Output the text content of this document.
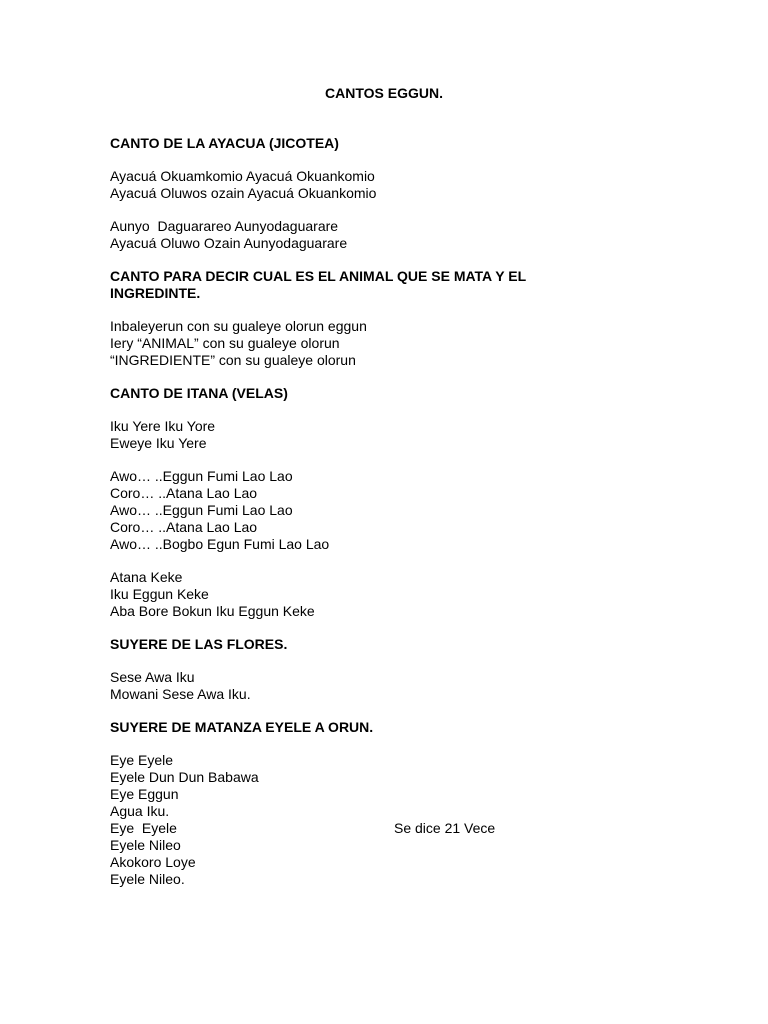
CANTOS EGGUN.
CANTO DE LA AYACUA (JICOTEA)
Ayacuá Okuamkomio Ayacuá Okuankomio
Ayacuá Oluwos ozain Ayacuá Okuankomio
Aunyo  Daguarareo Aunyodaguarare
Ayacuá Oluwo Ozain Aunyodaguarare
CANTO PARA DECIR CUAL ES EL ANIMAL QUE SE MATA Y EL
INGREDINTE.
Inbaleyerun con su gualeye olorun eggun
Iery “ANIMAL” con su gualeye olorun
“INGREDIENTE” con su gualeye olorun
CANTO DE ITANA (VELAS)
Iku Yere Iku Yore
Eweye Iku Yere
Awo… ..Eggun Fumi Lao Lao
Coro… ..Atana Lao Lao
Awo… ..Eggun Fumi Lao Lao
Coro… ..Atana Lao Lao
Awo… ..Bogbo Egun Fumi Lao Lao
Atana Keke
Iku Eggun Keke
Aba Bore Bokun Iku Eggun Keke
SUYERE DE LAS FLORES.
Sese Awa Iku
Mowani Sese Awa Iku.
SUYERE DE MATANZA EYELE A ORUN.
Eye Eyele
Eyele Dun Dun Babawa
Eye Eggun
Agua Iku.
Eye  Eyele	Se dice 21 Vece
Eyele Nileo
Akokoro Loye
Eyele Nileo.
